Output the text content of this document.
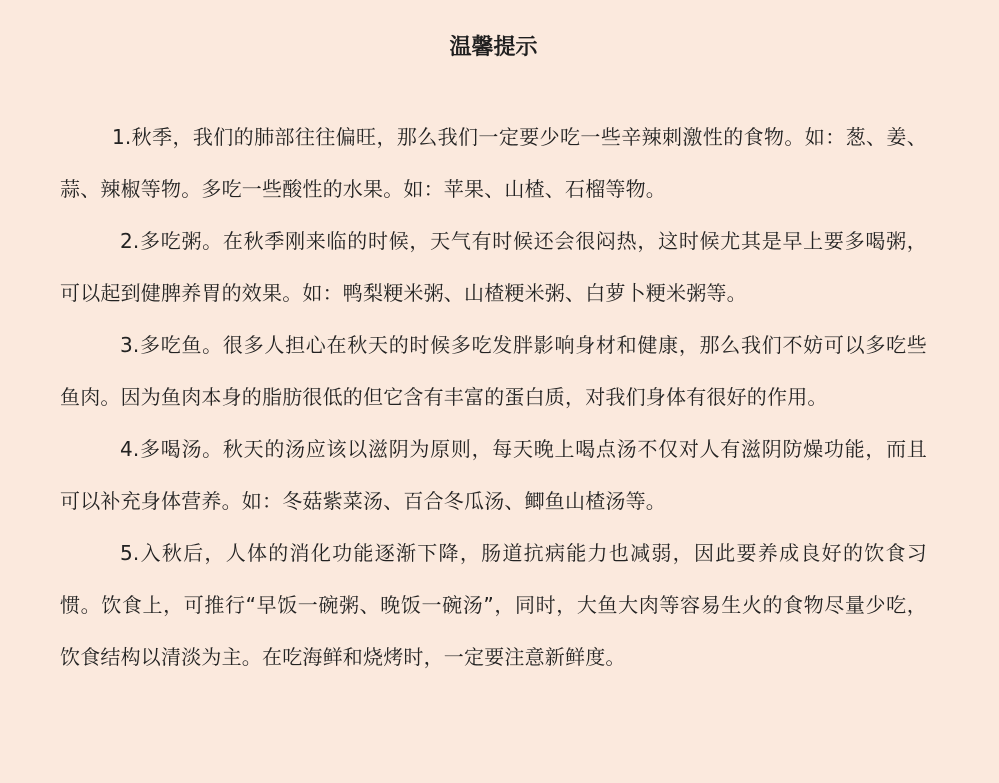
温馨提示

1.秋季，我们的肺部往往偏旺，那么我们一定要少吃一些辛辣刺激性的食物。如：葱、姜、蒜、辣椒等物。多吃一些酸性的水果。如：苹果、山楂、石榴等物。

2.多吃粥。在秋季刚来临的时候，天气有时候还会很闷热，这时候尤其是早上要多喝粥，可以起到健脾养胃的效果。如：鸭梨粳米粥、山楂粳米粥、白萝卜粳米粥等。

3.多吃鱼。很多人担心在秋天的时候多吃发胖影响身材和健康，那么我们不妨可以多吃些鱼肉。因为鱼肉本身的脂肪很低的但它含有丰富的蛋白质，对我们身体有很好的作用。

4.多喝汤。秋天的汤应该以滋阴为原则，每天晚上喝点汤不仅对人有滋阴防燥功能，而且可以补充身体营养。如：冬菇紫菜汤、百合冬瓜汤、鲫鱼山楂汤等。

5.入秋后，人体的消化功能逐渐下降，肠道抗病能力也减弱，因此要养成良好的饮食习惯。饮食上，可推行“早饭一碗粥、晚饭一碗汤”，同时，大鱼大肉等容易生火的食物尽量少吃，饮食结构以清淡为主。在吃海鲜和烧烤时，一定要注意新鲜度。
